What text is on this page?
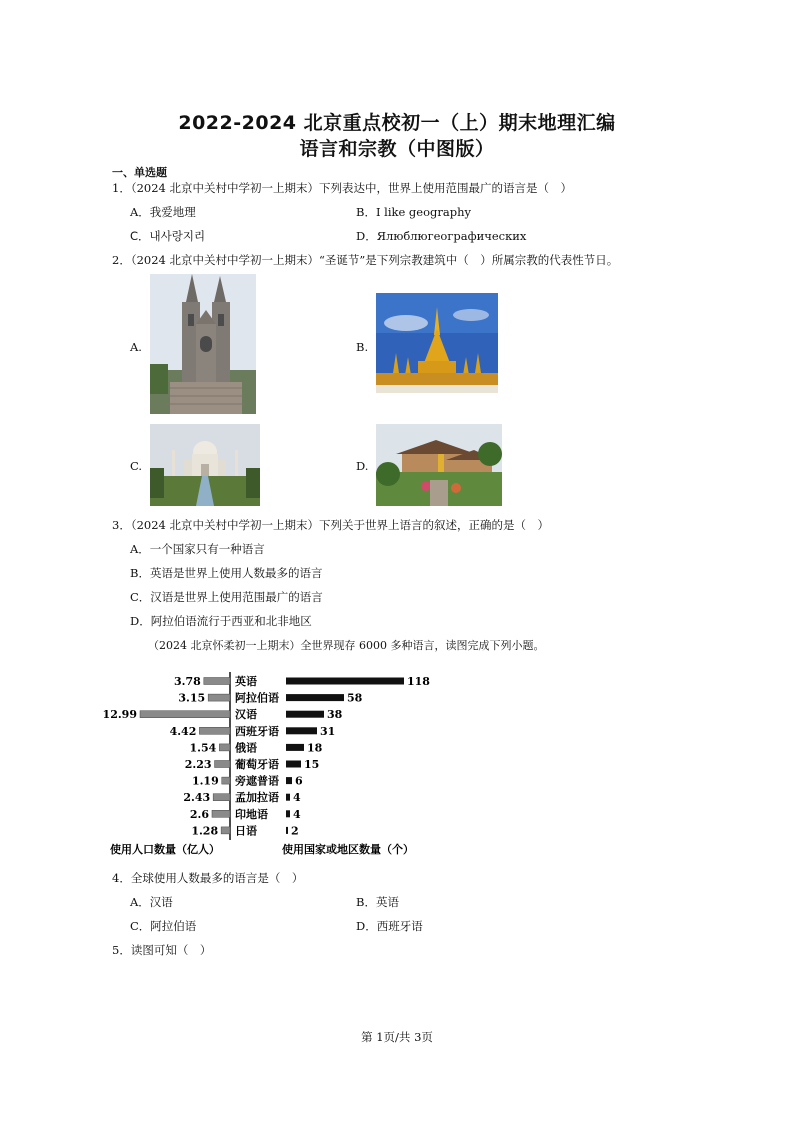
2022-2024 北京重点校初一（上）期末地理汇编
语言和宗教（中图版）
一、单选题
1．（2024 北京中关村中学初一上期末）下列表达中，世界上使用范围最广的语言是（　）
A．我爱地理	B．I like geography
C．내사랑지리	D．Ялюблюгеографических
2．（2024 北京中关村中学初一上期末）“圣诞节”是下列宗教建筑中（　）所属宗教的代表性节日。
A.	B.
C.	D.
3．（2024 北京中关村中学初一上期末）下列关于世界上语言的叙述，正确的是（　）
A．一个国家只有一种语言
B．英语是世界上使用人数最多的语言
C．汉语是世界上使用范围最广的语言
D．阿拉伯语流行于西亚和北非地区
（2024 北京怀柔初一上期末）全世界现存 6000 多种语言，读图完成下列小题。
3.78	英语	118
3.15	阿拉伯语	58
12.99	汉语	38
4.42	西班牙语	31
1.54 俄语	18
2.23 葡萄牙语 15
1.19 旁遮普语 6
2.43 孟加拉语 4
2.6 印地语 4
1.28 日语	2
使用人口数量（亿人）	使用国家或地区数量（个）
4．全球使用人数最多的语言是（　）
A．汉语	B．英语
C．阿拉伯语	D．西班牙语
5．读图可知（　）
第 1页/共 3页
